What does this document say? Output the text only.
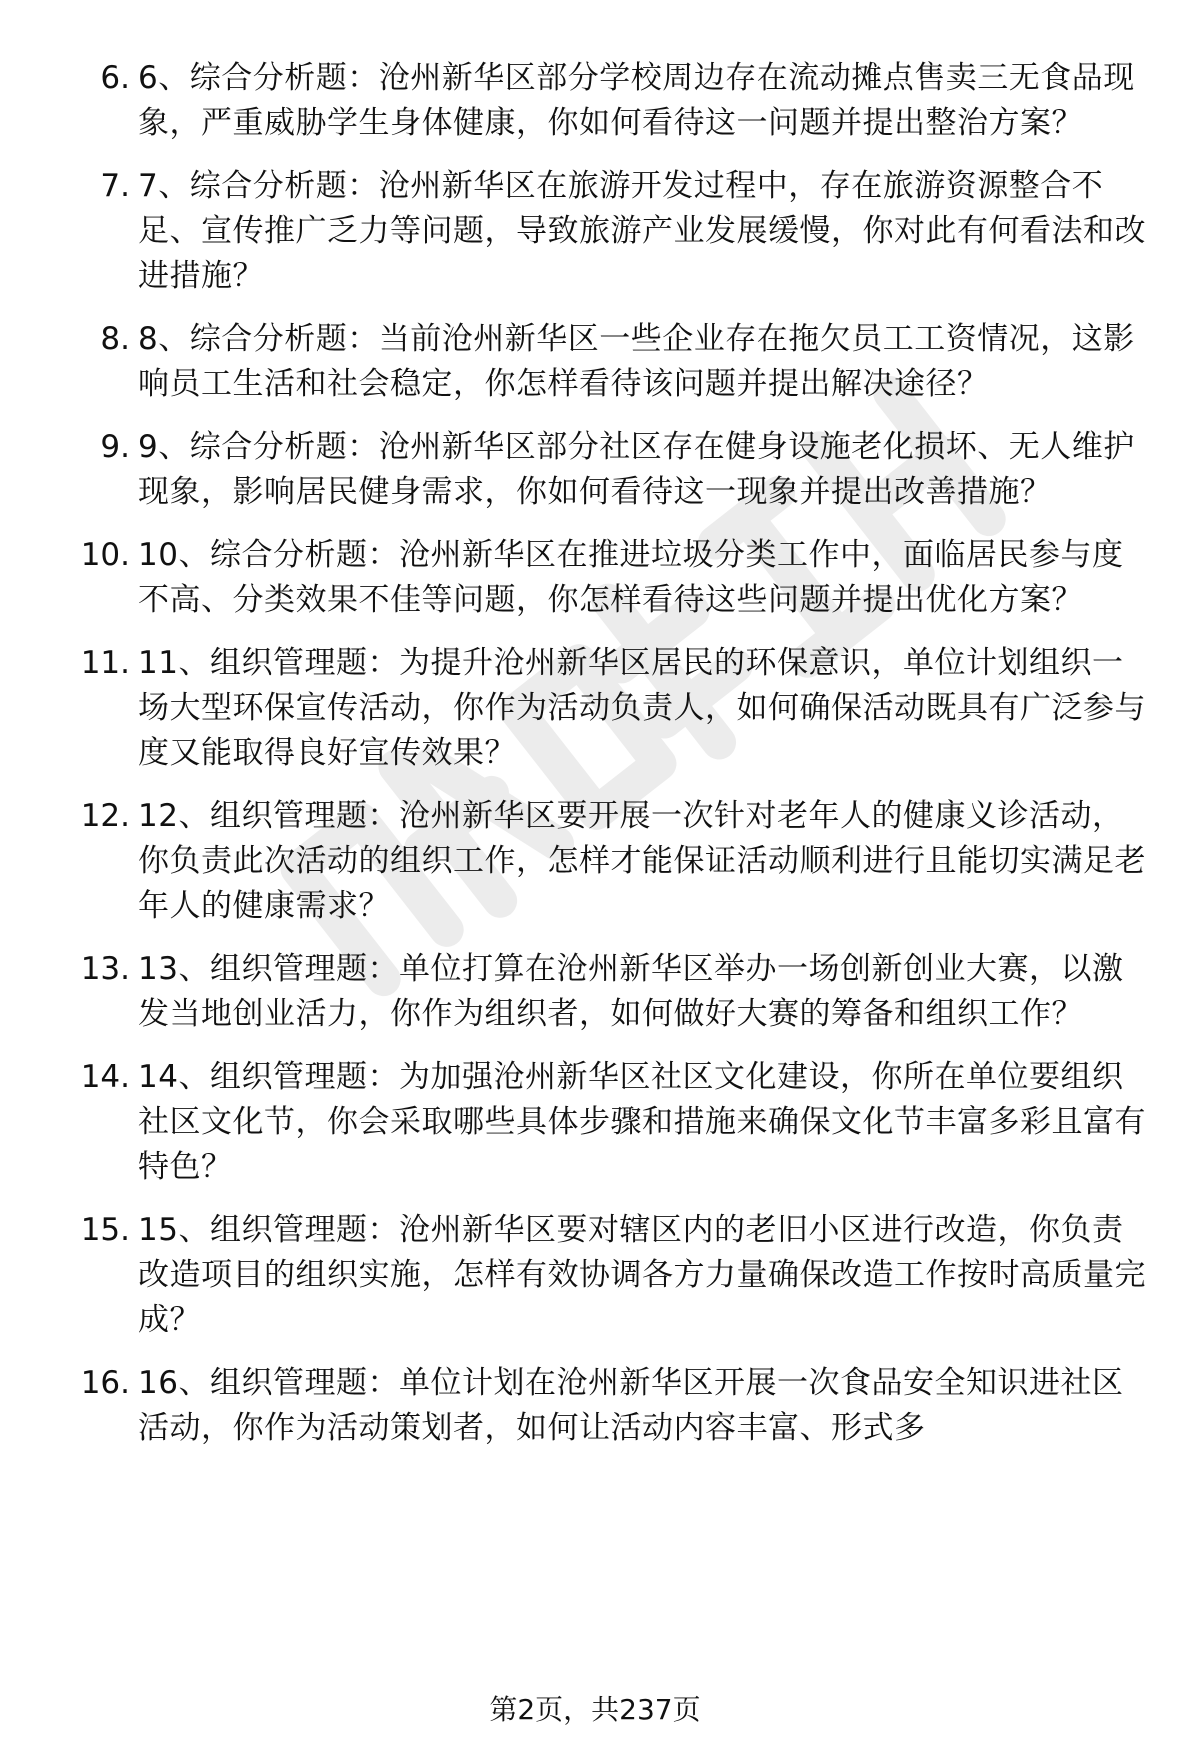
6. 6、综合分析题：沧州新华区部分学校周边存在流动摊点售卖三无食品现象，严重威胁学生身体健康，你如何看待这一问题并提出整治方案？
7. 7、综合分析题：沧州新华区在旅游开发过程中，存在旅游资源整合不足、宣传推广乏力等问题，导致旅游产业发展缓慢，你对此有何看法和改进措施？
8. 8、综合分析题：当前沧州新华区一些企业存在拖欠员工工资情况，这影响员工生活和社会稳定，你怎样看待该问题并提出解决途径？
9. 9、综合分析题：沧州新华区部分社区存在健身设施老化损坏、无人维护现象，影响居民健身需求，你如何看待这一现象并提出改善措施？
10. 10、综合分析题：沧州新华区在推进垃圾分类工作中，面临居民参与度不高、分类效果不佳等问题，你怎样看待这些问题并提出优化方案？
11. 11、组织管理题：为提升沧州新华区居民的环保意识，单位计划组织一场大型环保宣传活动，你作为活动负责人，如何确保活动既具有广泛参与度又能取得良好宣传效果？
12. 12、组织管理题：沧州新华区要开展一次针对老年人的健康义诊活动，你负责此次活动的组织工作，怎样才能保证活动顺利进行且能切实满足老年人的健康需求？
13. 13、组织管理题：单位打算在沧州新华区举办一场创新创业大赛，以激发当地创业活力，你作为组织者，如何做好大赛的筹备和组织工作？
14. 14、组织管理题：为加强沧州新华区社区文化建设，你所在单位要组织社区文化节，你会采取哪些具体步骤和措施来确保文化节丰富多彩且富有特色？
15. 15、组织管理题：沧州新华区要对辖区内的老旧小区进行改造，你负责改造项目的组织实施，怎样有效协调各方力量确保改造工作按时高质量完成？
16. 16、组织管理题：单位计划在沧州新华区开展一次食品安全知识进社区活动，你作为活动策划者，如何让活动内容丰富、形式多
第2页，共237页
